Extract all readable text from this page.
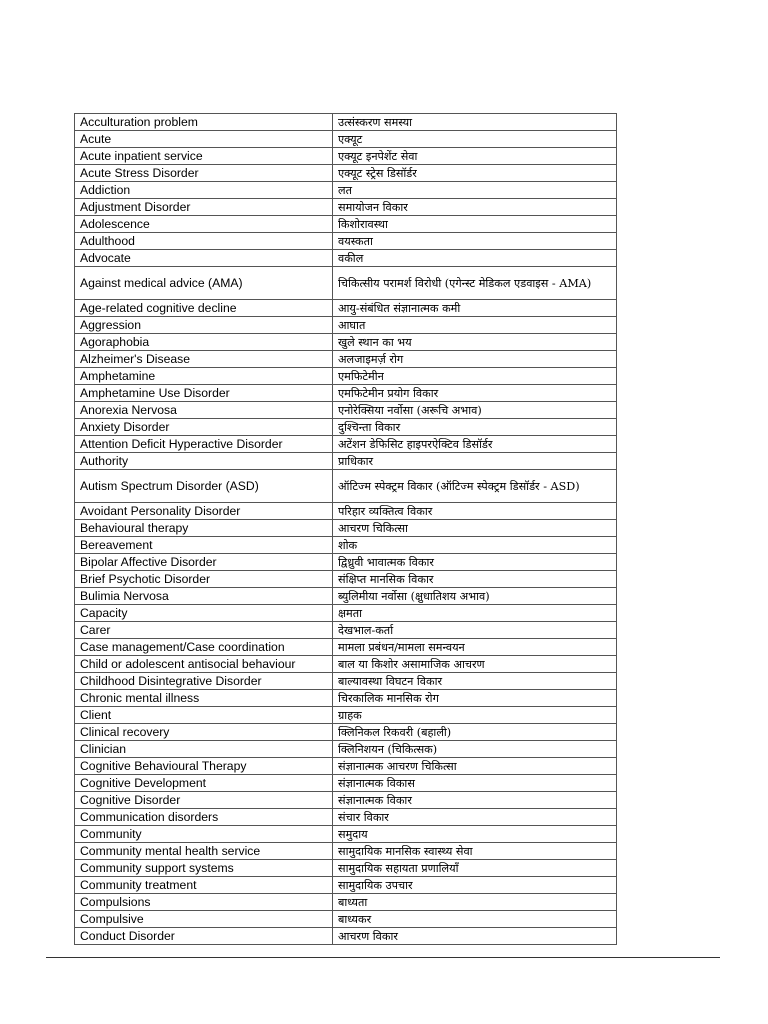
Acculturation problem	उत्संस्करण समस्या
Acute	एक्यूट
Acute inpatient service	एक्यूट इनपेशेंट सेवा
Acute Stress Disorder	एक्यूट स्ट्रेस डिसॉर्डर
Addiction	लत
Adjustment Disorder	समायोजन विकार
Adolescence	किशोरावस्था
Adulthood	वयस्कता
Advocate	वकील
Against medical advice (AMA)	चिकित्सीय परामर्श विरोधी (एगेन्स्ट मेडिकल एडवाइस - AMA)
Age-related cognitive decline	आयु-संबंधित संज्ञानात्मक कमी
Aggression	आघात
Agoraphobia	खुले स्थान का भय
Alzheimer's Disease	अलजाइमर्ज़ रोग
Amphetamine	एमफिटेमीन
Amphetamine Use Disorder	एमफिटेमीन प्रयोग विकार
Anorexia Nervosa	एनोरेक्सिया नर्वोसा (अरूचि अभाव)
Anxiety Disorder	दुश्चिन्ता विकार
Attention Deficit Hyperactive Disorder	अटेंशन डेफिसिट हाइपरऐक्टिव डिसॉर्डर
Authority	प्राधिकार
Autism Spectrum Disorder (ASD)	ऑटिज्म स्पेक्ट्रम विकार (ऑटिज्म स्पेक्ट्रम डिसॉर्डर - ASD)
Avoidant Personality Disorder	परिहार व्यक्तित्व विकार
Behavioural therapy	आचरण चिकित्सा
Bereavement	शोक
Bipolar Affective Disorder	द्विध्रुवी भावात्मक विकार
Brief Psychotic Disorder	संक्षिप्त मानसिक विकार
Bulimia Nervosa	ब्युलिमीया नर्वोसा (क्षुधातिशय अभाव)
Capacity	क्षमता
Carer	देखभाल-कर्ता
Case management/Case coordination	मामला प्रबंधन/मामला समन्वयन
Child or adolescent antisocial behaviour	बाल या किशोर असामाजिक आचरण
Childhood Disintegrative Disorder	बाल्यावस्था विघटन विकार
Chronic mental illness	चिरकालिक मानसिक रोग
Client	ग्राहक
Clinical recovery	क्लिनिकल रिकवरी (बहाली)
Clinician	क्लिनिशयन (चिकित्सक)
Cognitive Behavioural Therapy	संज्ञानात्मक आचरण चिकित्सा
Cognitive Development	संज्ञानात्मक विकास
Cognitive Disorder	संज्ञानात्मक विकार
Communication disorders	संचार विकार
Community	समुदाय
Community mental health service	सामुदायिक मानसिक स्वास्थ्य सेवा
Community support systems	सामुदायिक सहायता प्रणालियाँ
Community treatment	सामुदायिक उपचार
Compulsions	बाध्यता
Compulsive	बाध्यकर
Conduct Disorder	आचरण विकार
